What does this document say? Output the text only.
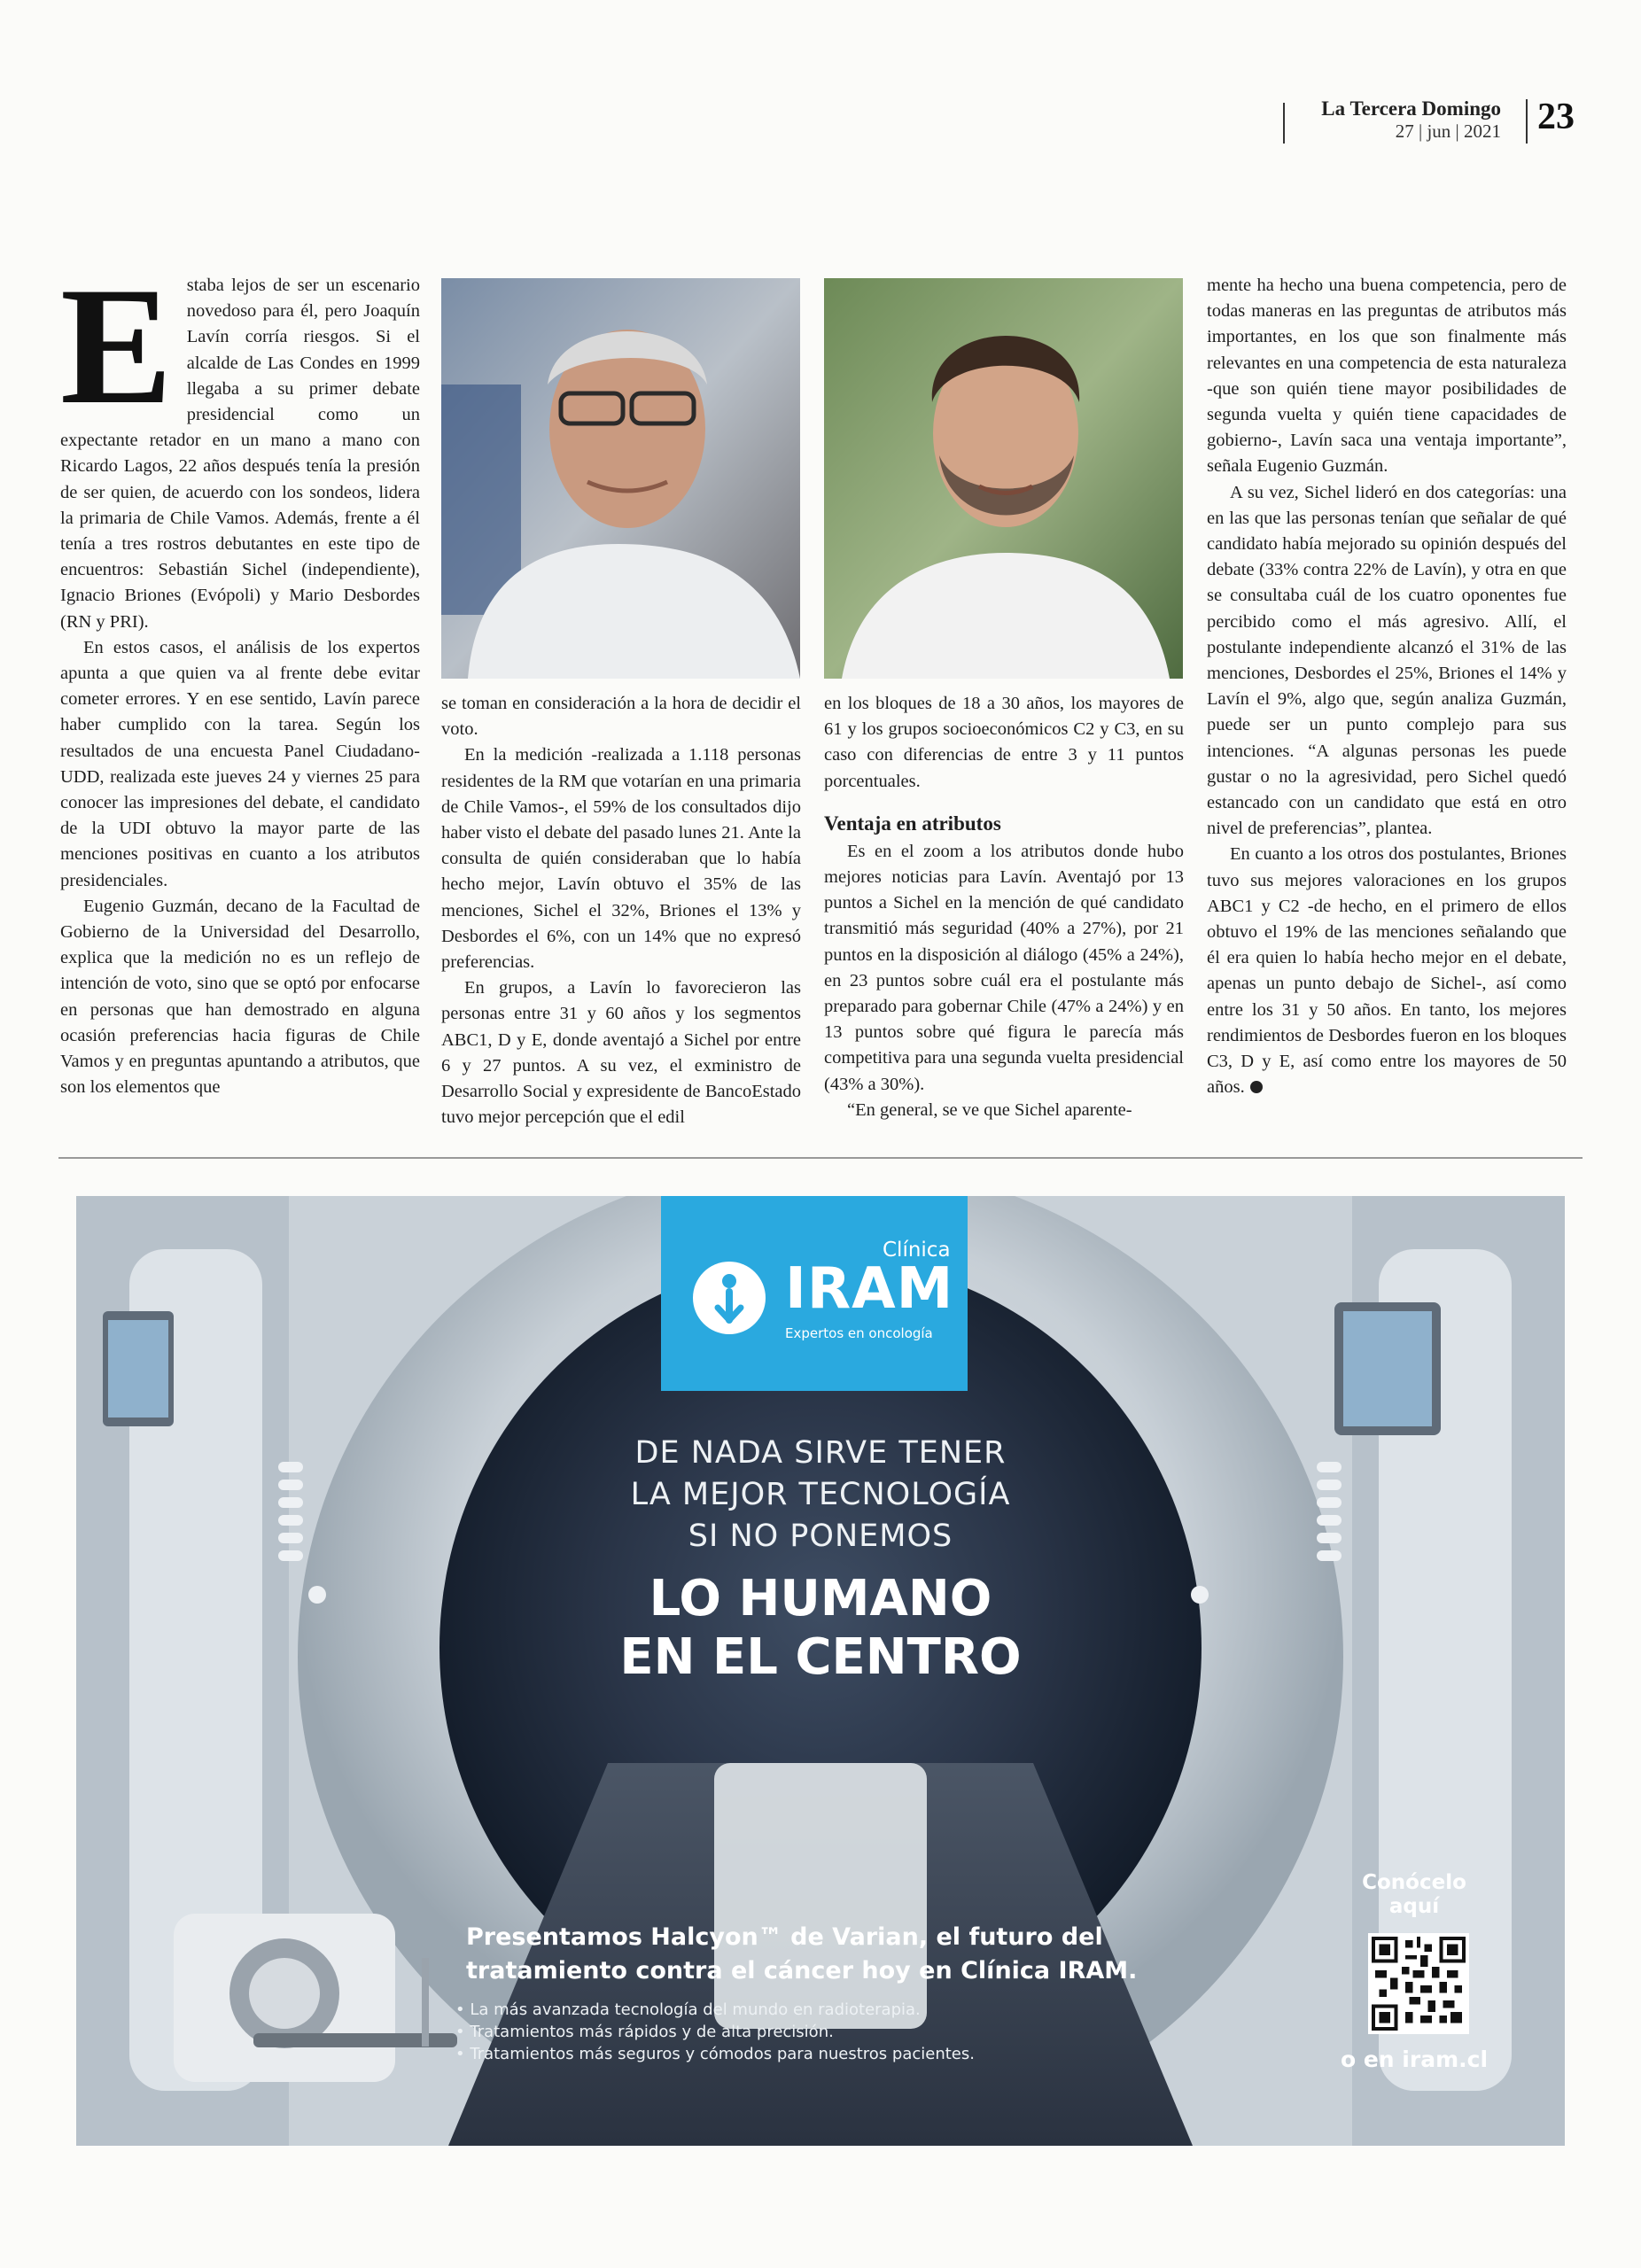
La Tercera Domingo
27 | jun | 2021 23
E staba lejos de ser un escenario novedoso para él, pero Joaquín Lavín corría riesgos. Si el alcalde de Las Condes en 1999 llegaba a su primer debate presidencial como un expectante retador en un mano a mano con Ricardo Lagos, 22 años después tenía la presión de ser quien, de acuerdo con los sondeos, lidera la primaria de Chile Vamos. Además, frente a él tenía a tres rostros debutantes en este tipo de encuentros: Sebastián Sichel (independiente), Ignacio Briones (Evópoli) y Mario Desbordes (RN y PRI).

En estos casos, el análisis de los expertos apunta a que quien va al frente debe evitar cometer errores. Y en ese sentido, Lavín parece haber cumplido con la tarea. Según los resultados de una encuesta Panel Ciudadano-UDD, realizada este jueves 24 y viernes 25 para conocer las impresiones del debate, el candidato de la UDI obtuvo la mayor parte de las menciones positivas en cuanto a los atributos presidenciales.

Eugenio Guzmán, decano de la Facultad de Gobierno de la Universidad del Desarrollo, explica que la medición no es un reflejo de intención de voto, sino que se optó por enfocarse en personas que han demostrado en alguna ocasión preferencias hacia figuras de Chile Vamos y en preguntas apuntando a atributos, que son los elementos que

se toman en consideración a la hora de decidir el voto.

En la medición -realizada a 1.118 personas residentes de la RM que votarían en una primaria de Chile Vamos-, el 59% de los consultados dijo haber visto el debate del pasado lunes 21. Ante la consulta de quién consideraban que lo había hecho mejor, Lavín obtuvo el 35% de las menciones, Sichel el 32%, Briones el 13% y Desbordes el 6%, con un 14% que no expresó preferencias.

En grupos, a Lavín lo favorecieron las personas entre 31 y 60 años y los segmentos ABC1, D y E, donde aventajó a Sichel por entre 6 y 27 puntos. A su vez, el exministro de Desarrollo Social y expresidente de BancoEstado tuvo mejor percepción que el edil

en los bloques de 18 a 30 años, los mayores de 61 y los grupos socioeconómicos C2 y C3, en su caso con diferencias de entre 3 y 11 puntos porcentuales.

Ventaja en atributos

Es en el zoom a los atributos donde hubo mejores noticias para Lavín. Aventajó por 13 puntos a Sichel en la mención de qué candidato transmitió más seguridad (40% a 27%), por 21 puntos en la disposición al diálogo (45% a 24%), en 23 puntos sobre cuál era el postulante más preparado para gobernar Chile (47% a 24%) y en 13 puntos sobre qué figura le parecía más competitiva para una segunda vuelta presidencial (43% a 30%).

“En general, se ve que Sichel aparente-

mente ha hecho una buena competencia, pero de todas maneras en las preguntas de atributos más importantes, en los que son finalmente más relevantes en una competencia de esta naturaleza -que son quién tiene mayor posibilidades de segunda vuelta y quién tiene capacidades de gobierno-, Lavín saca una ventaja importante”, señala Eugenio Guzmán.

A su vez, Sichel lideró en dos categorías: una en las que las personas tenían que señalar de qué candidato había mejorado su opinión después del debate (33% contra 22% de Lavín), y otra en que se consultaba cuál de los cuatro oponentes fue percibido como el más agresivo. Allí, el postulante independiente alcanzó el 31% de las menciones, Desbordes el 25%, Briones el 14% y Lavín el 9%, algo que, según analiza Guzmán, puede ser un punto complejo para sus intenciones. “A algunas personas les puede gustar o no la agresividad, pero Sichel quedó estancado con un candidato que está en otro nivel de preferencias”, plantea.

En cuanto a los otros dos postulantes, Briones tuvo sus mejores valoraciones en los grupos ABC1 y C2 -de hecho, en el primero de ellos obtuvo el 19% de las menciones señalando que él era quien lo había hecho mejor en el debate, apenas un punto debajo de Sichel-, así como entre los 31 y 50 años. En tanto, los mejores rendimientos de Desbordes fueron en los bloques C3, D y E, así como entre los mayores de 50 años.

Clínica
IRAM
Expertos en oncología
DE NADA SIRVE TENER
LA MEJOR TECNOLOGÍA
SI NO PONEMOS
LO HUMANO
EN EL CENTRO
Presentamos Halcyon™ de Varian, el futuro del tratamiento contra el cáncer hoy en Clínica IRAM.
• La más avanzada tecnología del mundo en radioterapia.
• Tratamientos más rápidos y de alta precisión.
• Tratamientos más seguros y cómodos para nuestros pacientes.
Conócelo aquí
o en iram.cl
